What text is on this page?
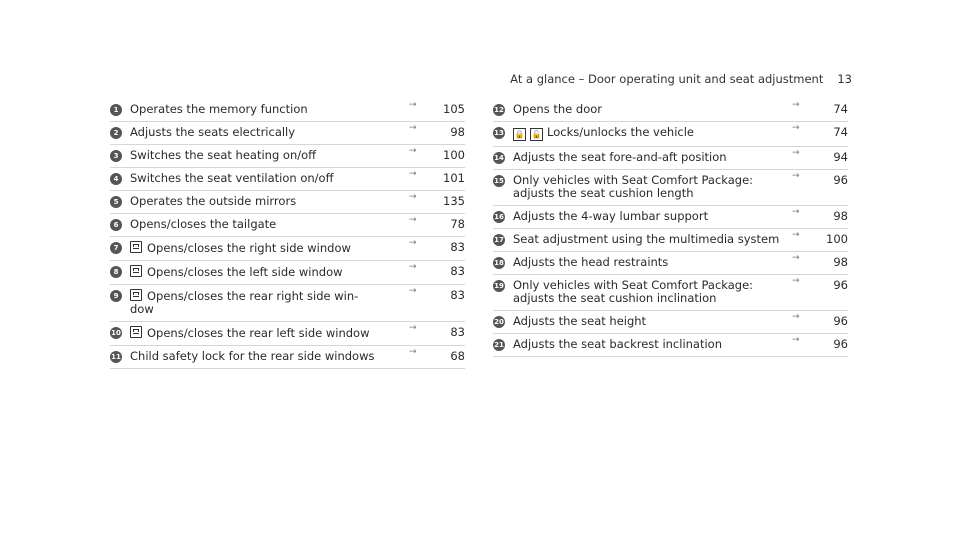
At a glance – Door operating unit and seat adjustment 13
1	Operates the memory function	→	105
2	Adjusts the seats electrically	→	98
3	Switches the seat heating on/off	→	100
4	Switches the seat ventilation on/off	→	101
5	Operates the outside mirrors	→	135
6	Opens/closes the tailgate	→	78
7	Opens/closes the right side window	→	83
8	Opens/closes the left side window	→	83
9	Opens/closes the rear right side win-
dow
→	83
10	Opens/closes the rear left side window	→	83
11 Child safety lock for the rear side windows	→	68
12 Opens the door	→	74
13 🔒 🔓 Locks/unlocks the vehicle	→	74
14 Adjusts the seat fore-and-aft position	→	94
15 Only vehicles with Seat Comfort Package:
adjusts the seat cushion length
→	96
16 Adjusts the 4-way lumbar support	→	98
17 Seat adjustment using the multimedia system	→	100
18 Adjusts the head restraints	→	98
19 Only vehicles with Seat Comfort Package:
adjusts the seat cushion inclination
→	96
20 Adjusts the seat height	→	96
21 Adjusts the seat backrest inclination	→	96
